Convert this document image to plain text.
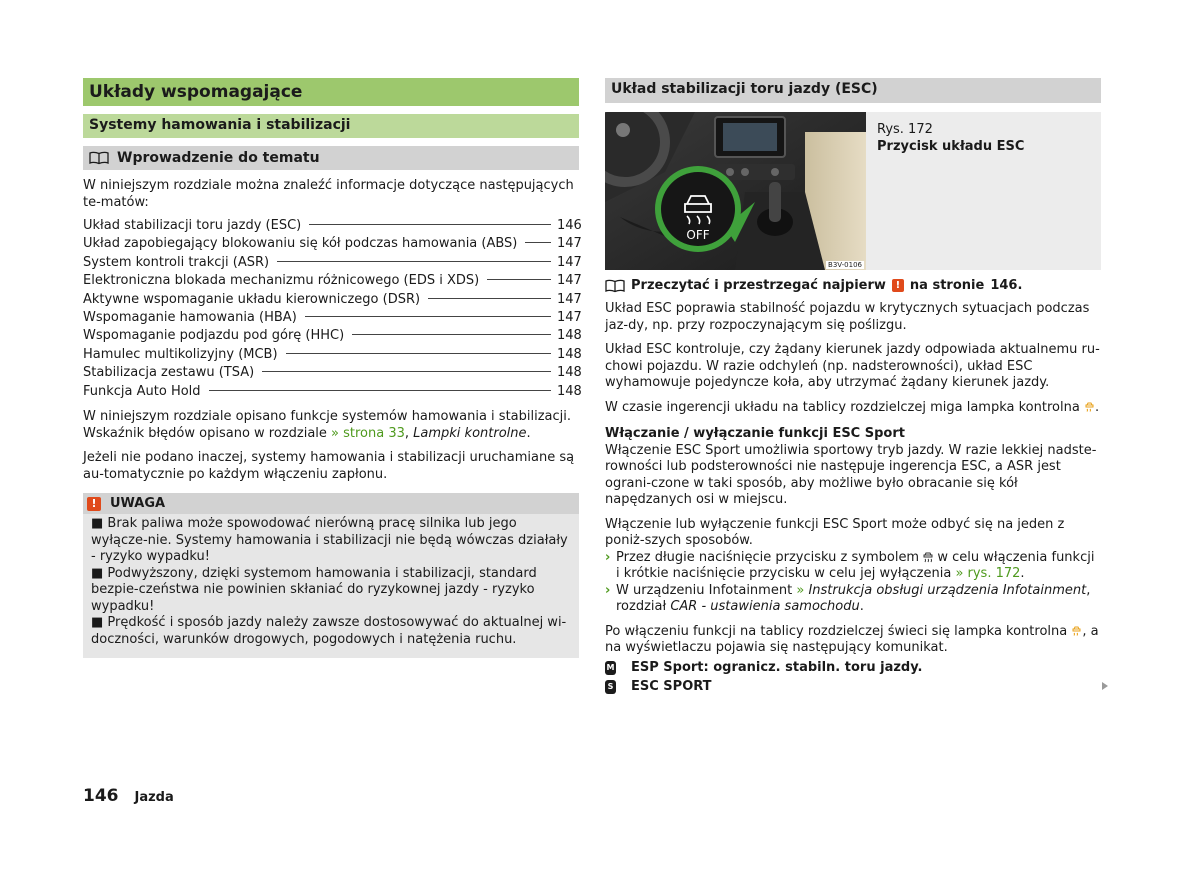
Układy wspomagające
Systemy hamowania i stabilizacji
Wprowadzenie do tematu

W niniejszym rozdziale można znaleźć informacje dotyczące następujących te-matów:

Układ stabilizacji toru jazdy (ESC)	146
Układ zapobiegający blokowaniu się kół podczas hamowania (ABS)	147
System kontroli trakcji (ASR)	147
Elektroniczna blokada mechanizmu różnicowego (EDS i XDS)	147
Aktywne wspomaganie układu kierowniczego (DSR)	147
Wspomaganie hamowania (HBA)	147
Wspomaganie podjazdu pod górę (HHC)	148
Hamulec multikolizyjny (MCB)	148
Stabilizacja zestawu (TSA)	148
Funkcja Auto Hold	148

W niniejszym rozdziale opisano funkcje systemów hamowania i stabilizacji. Wskaźnik błędów opisano w rozdziale » strona 33, Lampki kontrolne.

Jeżeli nie podano inaczej, systemy hamowania i stabilizacji uruchamiane są au-tomatycznie po każdym włączeniu zapłonu.

!	UWAGA
■ Brak paliwa może spowodować nierówną pracę silnika lub jego wyłącze-nie. Systemy hamowania i stabilizacji nie będą wówczas działały - ryzyko wypadku!
■ Podwyższony, dzięki systemom hamowania i stabilizacji, standard bezpie-czeństwa nie powinien skłaniać do ryzykownej jazdy - ryzyko wypadku!
■ Prędkość i sposób jazdy należy zawsze dostosowywać do aktualnej wi-doczności, warunków drogowych, pogodowych i natężenia ruchu.
Układ stabilizacji toru jazdy (ESC)
OFF
B3V-0106
Rys. 172
Przycisk układu ESC
Przeczytać i przestrzegać najpierw ! na stronie 146.

Układ ESC poprawia stabilność pojazdu w krytycznych sytuacjach podczas jaz-dy, np. przy rozpoczynającym się poślizgu.

Układ ESC kontroluje, czy żądany kierunek jazdy odpowiada aktualnemu ru-chowi pojazdu. W razie odchyleń (np. nadsterowności), układ ESC wyhamowuje pojedyncze koła, aby utrzymać żądany kierunek jazdy.

W czasie ingerencji układu na tablicy rozdzielczej miga lampka kontrolna .

Włączanie / wyłączanie funkcji ESC Sport
Włączenie ESC Sport umożliwia sportowy tryb jazdy. W razie lekkiej nadste-rowności lub podsterowności nie następuje ingerencja ESC, a ASR jest ograni-czone w taki sposób, aby możliwe było obracanie się kół napędzanych osi w miejscu.

Włączenie lub wyłączenie funkcji ESC Sport może odbyć się na jeden z poniż-szych sposobów.

› Przez długie naciśnięcie przycisku z symbolem w celu włączenia funkcji i krótkie naciśnięcie przycisku w celu jej wyłączenia » rys. 172.
› W urządzeniu Infotainment » Instrukcja obsługi urządzenia Infotainment, rozdział CAR - ustawienia samochodu.

Po włączeniu funkcji na tablicy rozdzielczej świeci się lampka kontrolna , a na wyświetlaczu pojawia się następujący komunikat.

M ESP Sport: ogranicz. stabiln. toru jazdy.
S ESC SPORT
146 Jazda
